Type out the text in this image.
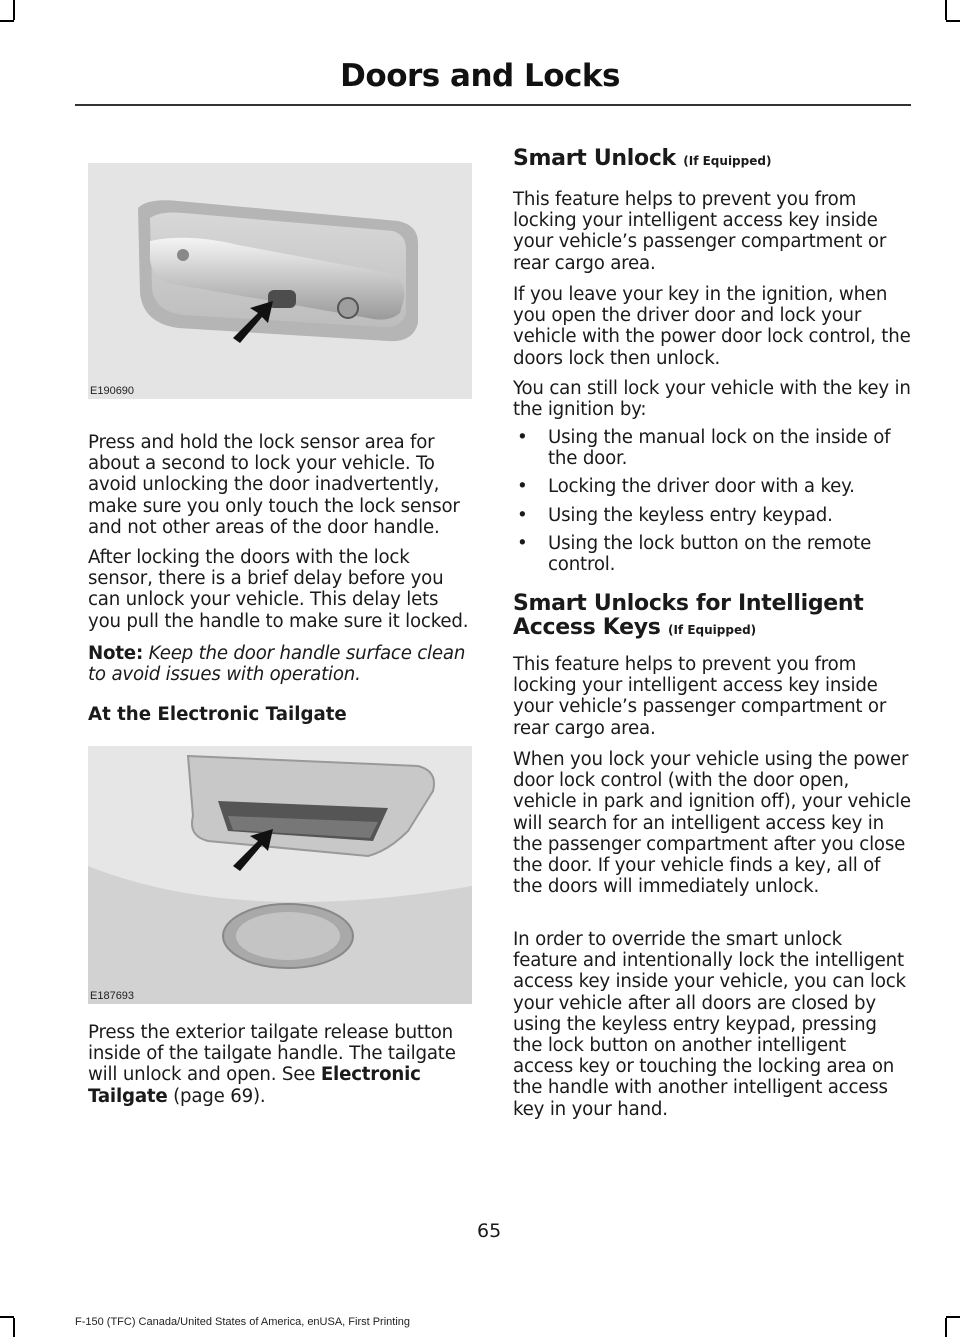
Doors and Locks
E190690

Press and hold the lock sensor area for about a second to lock your vehicle. To avoid unlocking the door inadvertently, make sure you only touch the lock sensor and not other areas of the door handle.

After locking the doors with the lock sensor, there is a brief delay before you can unlock your vehicle. This delay lets you pull the handle to make sure it locked.

Note: Keep the door handle surface clean to avoid issues with operation.

At the Electronic Tailgate
E187693

Press the exterior tailgate release button inside of the tailgate handle. The tailgate will unlock and open. See Electronic Tailgate (page 69).

Smart Unlock (If Equipped)

This feature helps to prevent you from locking your intelligent access key inside your vehicle’s passenger compartment or rear cargo area.

If you leave your key in the ignition, when you open the driver door and lock your vehicle with the power door lock control, the doors lock then unlock.

You can still lock your vehicle with the key in the ignition by:

• Using the manual lock on the inside of the door.
• Locking the driver door with a key.
• Using the keyless entry keypad.
• Using the lock button on the remote control.
Smart Unlocks for Intelligent
Access Keys (If Equipped)

This feature helps to prevent you from locking your intelligent access key inside your vehicle’s passenger compartment or rear cargo area.

When you lock your vehicle using the power door lock control (with the door open, vehicle in park and ignition off), your vehicle will search for an intelligent access key in the passenger compartment after you close the door. If your vehicle finds a key, all of the doors will immediately unlock.

In order to override the smart unlock feature and intentionally lock the intelligent access key inside your vehicle, you can lock your vehicle after all doors are closed by using the keyless entry keypad, pressing the lock button on another intelligent access key or touching the locking area on the handle with another intelligent access key in your hand.

65
F-150 (TFC) Canada/United States of America, enUSA, First Printing
